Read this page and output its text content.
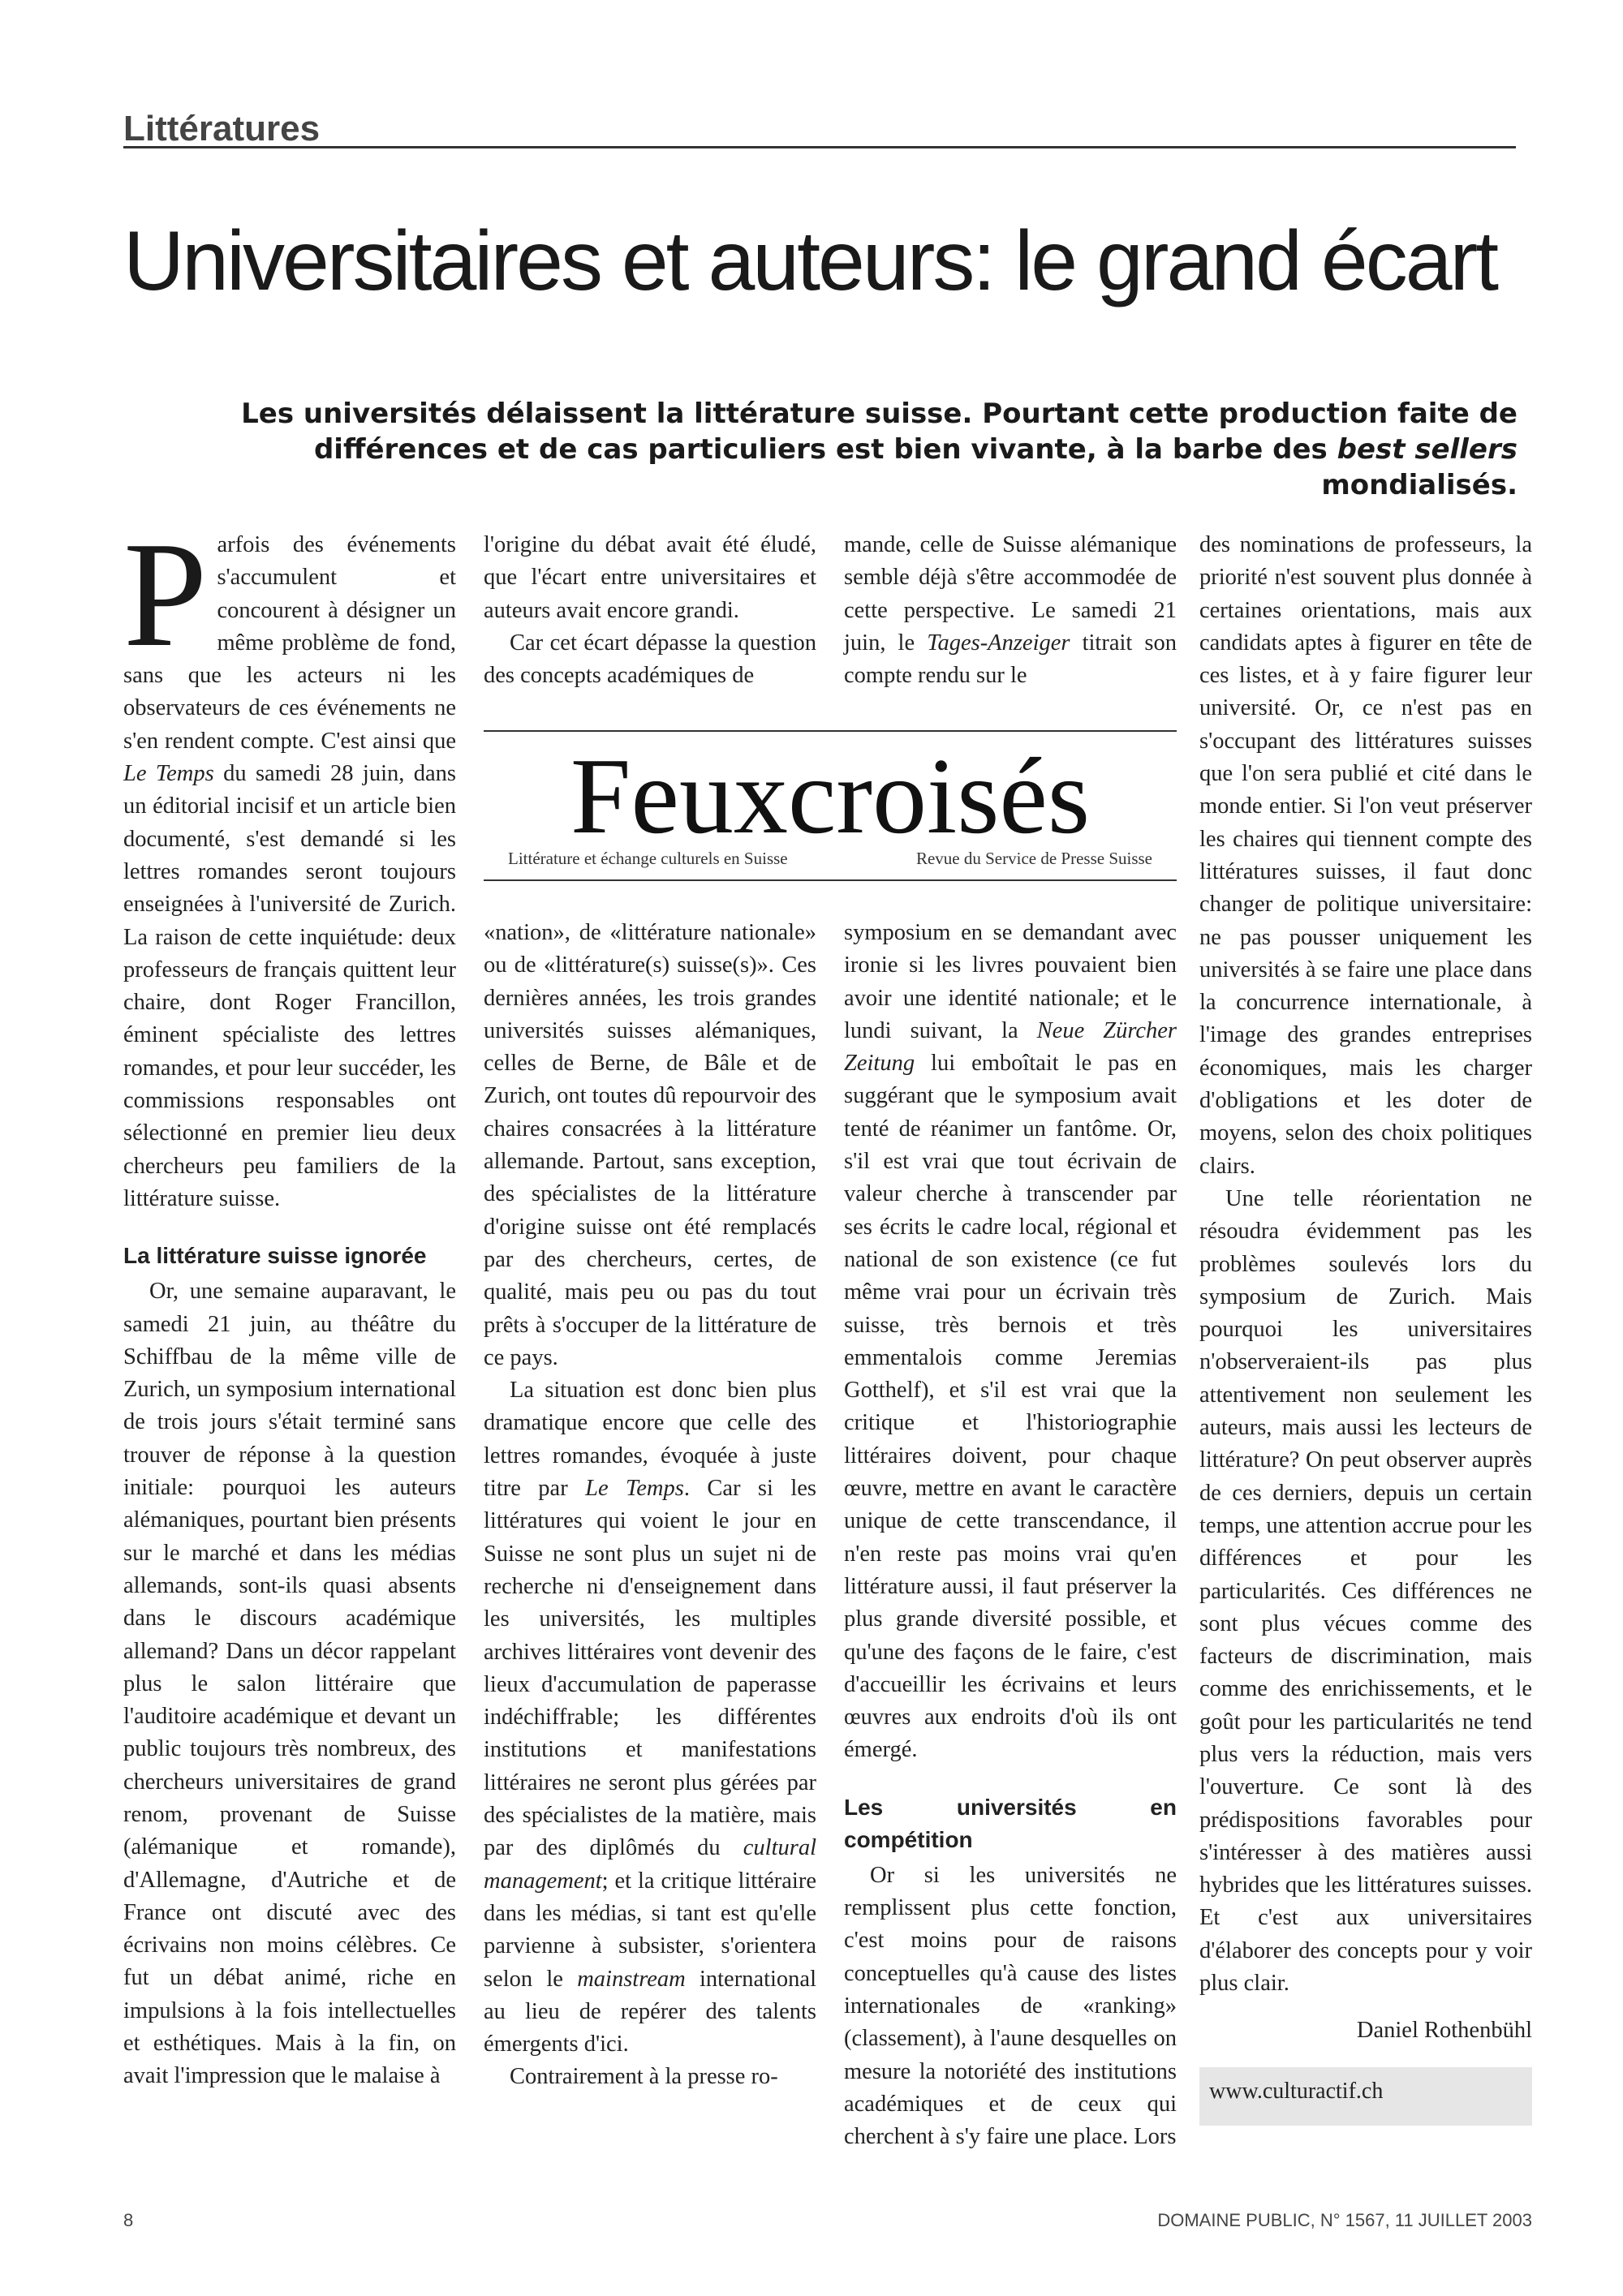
Littératures
Universitaires et auteurs: le grand écart
Les universités délaissent la littérature suisse. Pourtant cette production faite de différences et de cas particuliers est bien vivante, à la barbe des best sellers mondialisés.

Parfois des événements s'accumulent et concourent à désigner un même problème de fond, sans que les acteurs ni les observateurs de ces événements ne s'en rendent compte. C'est ainsi que Le Temps du samedi 28 juin, dans un éditorial incisif et un article bien documenté, s'est demandé si les lettres romandes seront toujours enseignées à l'université de Zurich. La raison de cette inquiétude: deux professeurs de français quittent leur chaire, dont Roger Francillon, éminent spécialiste des lettres romandes, et pour leur succéder, les commissions responsables ont sélectionné en premier lieu deux chercheurs peu familiers de la littérature suisse.

La littérature suisse ignorée

Or, une semaine auparavant, le samedi 21 juin, au théâtre du Schiffbau de la même ville de Zurich, un symposium international de trois jours s'était terminé sans trouver de réponse à la question initiale: pourquoi les auteurs alémaniques, pourtant bien présents sur le marché et dans les médias allemands, sont-ils quasi absents dans le discours académique allemand? Dans un décor rappelant plus le salon littéraire que l'auditoire académique et devant un public toujours très nombreux, des chercheurs universitaires de grand renom, provenant de Suisse (alémanique et romande), d'Allemagne, d'Autriche et de France ont discuté avec des écrivains non moins célèbres. Ce fut un débat animé, riche en impulsions à la fois intellectuelles et esthétiques. Mais à la fin, on avait l'impression que le malaise à

l'origine du débat avait été éludé, que l'écart entre universitaires et auteurs avait encore grandi.

Car cet écart dépasse la question des concepts académiques de

mande, celle de Suisse alémanique semble déjà s'être accommodée de cette perspective. Le samedi 21 juin, le Tages-Anzeiger titrait son compte rendu sur le

Feuxcroisés
Littérature et échange culturels en Suisse	Revue du Service de Presse Suisse

«nation», de «littérature nationale» ou de «littérature(s) suisse(s)». Ces dernières années, les trois grandes universités suisses alémaniques, celles de Berne, de Bâle et de Zurich, ont toutes dû repourvoir des chaires consacrées à la littérature allemande. Partout, sans exception, des spécialistes de la littérature d'origine suisse ont été remplacés par des chercheurs, certes, de qualité, mais peu ou pas du tout prêts à s'occuper de la littérature de ce pays.

La situation est donc bien plus dramatique encore que celle des lettres romandes, évoquée à juste titre par Le Temps. Car si les littératures qui voient le jour en Suisse ne sont plus un sujet ni de recherche ni d'enseignement dans les universités, les multiples archives littéraires vont devenir des lieux d'accumulation de paperasse indéchiffrable; les différentes institutions et manifestations littéraires ne seront plus gérées par des spécialistes de la matière, mais par des diplômés du cultural management; et la critique littéraire dans les médias, si tant est qu'elle parvienne à subsister, s'orientera selon le mainstream international au lieu de repérer des talents émergents d'ici.

Contrairement à la presse ro-

symposium en se demandant avec ironie si les livres pouvaient bien avoir une identité nationale; et le lundi suivant, la Neue Zürcher Zeitung lui emboîtait le pas en suggérant que le symposium avait tenté de réanimer un fantôme. Or, s'il est vrai que tout écrivain de valeur cherche à transcender par ses écrits le cadre local, régional et national de son existence (ce fut même vrai pour un écrivain très suisse, très bernois et très emmentalois comme Jeremias Gotthelf), et s'il est vrai que la critique et l'historiographie littéraires doivent, pour chaque œuvre, mettre en avant le caractère unique de cette transcendance, il n'en reste pas moins vrai qu'en littérature aussi, il faut préserver la plus grande diversité possible, et qu'une des façons de le faire, c'est d'accueillir les écrivains et leurs œuvres aux endroits d'où ils ont émergé.

Les universités en compétition

Or si les universités ne remplissent plus cette fonction, c'est moins pour de raisons conceptuelles qu'à cause des listes internationales de «ranking» (classement), à l'aune desquelles on mesure la notoriété des institutions académiques et de ceux qui cherchent à s'y faire une place. Lors

des nominations de professeurs, la priorité n'est souvent plus donnée à certaines orientations, mais aux candidats aptes à figurer en tête de ces listes, et à y faire figurer leur université. Or, ce n'est pas en s'occupant des littératures suisses que l'on sera publié et cité dans le monde entier. Si l'on veut préserver les chaires qui tiennent compte des littératures suisses, il faut donc changer de politique universitaire: ne pas pousser uniquement les universités à se faire une place dans la concurrence internationale, à l'image des grandes entreprises économiques, mais les charger d'obligations et les doter de moyens, selon des choix politiques clairs.

Une telle réorientation ne résoudra évidemment pas les problèmes soulevés lors du symposium de Zurich. Mais pourquoi les universitaires n'observeraient-ils pas plus attentivement non seulement les auteurs, mais aussi les lecteurs de littérature? On peut observer auprès de ces derniers, depuis un certain temps, une attention accrue pour les différences et pour les particularités. Ces différences ne sont plus vécues comme des facteurs de discrimination, mais comme des enrichissements, et le goût pour les particularités ne tend plus vers la réduction, mais vers l'ouverture. Ce sont là des prédispositions favorables pour s'intéresser à des matières aussi hybrides que les littératures suisses. Et c'est aux universitaires d'élaborer des concepts pour y voir plus clair.

Daniel Rothenbühl
www.culturactif.ch
8	DOMAINE PUBLIC, N° 1567, 11 JUILLET 2003
